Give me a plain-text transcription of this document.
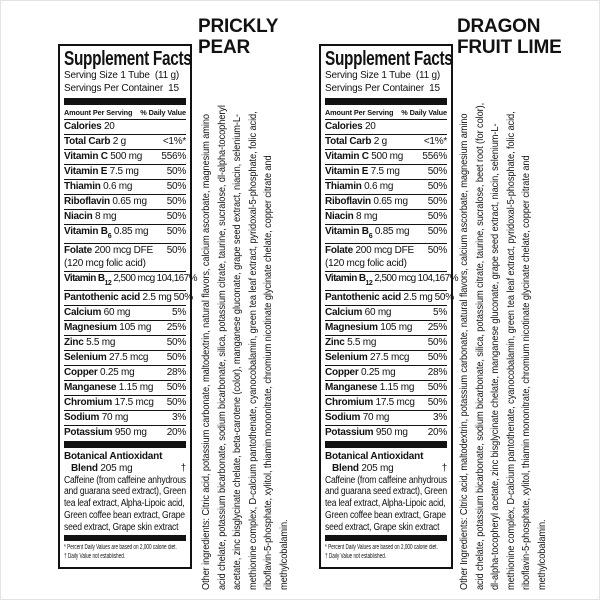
Supplement Facts
Serving Size 1 Tube  (11 g)
Servings Per Container  15
Amount Per Serving % Daily Value
Calories 20
Total Carb 2 g	<1%*
Vitamin C 500 mg 556%
Vitamin E 7.5 mg	50%
Thiamin 0.6 mg	50%
Riboflavin 0.65 mg 50%
Niacin 8 mg	50%
Vitamin $B_6$ 0.85 mg 50%
Folate 200 mcg DFE 50%
(120 mcg folic acid)
Vitamin $B_{12}$ 2,500 mcg 104,167%
Pantothenic acid 2.5 mg 50%
Calcium 60 mg	5%
Magnesium 105 mg 25%
Zinc 5.5 mg	50%
Selenium 27.5 mcg 50%
Copper 0.25 mg	28%
Manganese 1.15 mg 50%
Chromium 17.5 mcg 50%
Sodium 70 mg	3%
Potassium 950 mg 20%
Botanical Antioxidant
Blend 205 mg	†
Caffeine (from caffeine anhydrous and guarana seed extract), Green tea leaf extract, Alpha-Lipoic acid, Green coffee bean extract, Grape seed extract, Grape skin extract
* Percent Daily Values are based on 2,000 calorie diet.
† Daily Value not established.
PRICKLY PEAR
Other ingredients: Citric acid, potassium carbonate, maltodextrin, natural flavors, calcium ascorbate, magnesium amino acid chelate, potassium bicarbonate, sodium bicarbonate, silica, potassium citrate, taurine, sucralose, dl-alpha-tocopheryl acetate, zinc bisglycinate chelate, beta-carotene (color), manganese gluconate, grape seed extract, niacin, selenium-L-methionine complex, D-calcium pantothenate, cyanocobalamin, green tea leaf extract, pyridoxal-5-phosphate, folic acid, riboflavin-5-phosphate, xylitol, thiamin mononitrate, chromium nicotinate glycinate chelate, copper citrate and methylcobalamin.
Supplement Facts
Serving Size 1 Tube  (11 g)
Servings Per Container  15
Amount Per Serving % Daily Value
Calories 20
Total Carb 2 g	<1%*
Vitamin C 500 mg 556%
Vitamin E 7.5 mg	50%
Thiamin 0.6 mg	50%
Riboflavin 0.65 mg 50%
Niacin 8 mg	50%
Vitamin $B_6$ 0.85 mg 50%
Folate 200 mcg DFE 50%
(120 mcg folic acid)
Vitamin $B_{12}$ 2,500 mcg 104,167%
Pantothenic acid 2.5 mg 50%
Calcium 60 mg	5%
Magnesium 105 mg 25%
Zinc 5.5 mg	50%
Selenium 27.5 mcg 50%
Copper 0.25 mg	28%
Manganese 1.15 mg 50%
Chromium 17.5 mcg 50%
Sodium 70 mg	3%
Potassium 950 mg 20%
Botanical Antioxidant
Blend 205 mg	†
Caffeine (from caffeine anhydrous and guarana seed extract), Green tea leaf extract, Alpha-Lipoic acid, Green coffee bean extract, Grape seed extract, Grape skin extract
* Percent Daily Values are based on 2,000 calorie diet.
† Daily Value not established.
DRAGON FRUIT LIME
Other Ingredients: Citric acid, maltodextrin, potassium carbonate, natural flavors, calcium ascorbate, magnesium amino acid chelate, potassium bicarbonate, sodium bicarbonate, silica, potassium citrate, taurine, sucralose, beet root (for color), dl-alpha-tocopheryl acetate, zinc bisglycinate chelate, manganese gluconate, grape seed extract, niacin, selenium-L-methionine complex, D-calcium pantothenate, cyanocobalamin, green tea leaf extract, pyridoxal-5-phosphate, folic acid, riboflavin-5-phosphate, xylitol, thiamin mononitrate, chromium nicotinate glycinate chelate, copper citrate and methylcobalamin.
